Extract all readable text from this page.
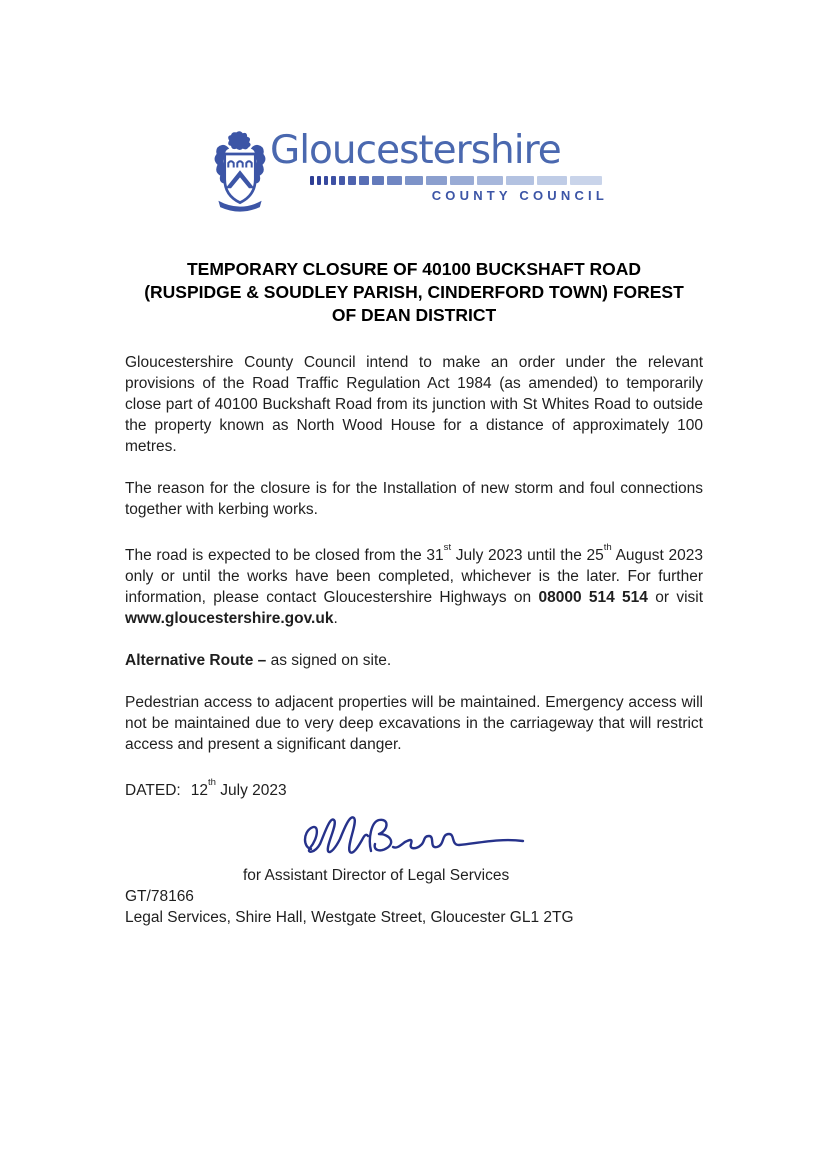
Gloucestershire
COUNTY COUNCIL
TEMPORARY CLOSURE OF 40100 BUCKSHAFT ROAD
(RUSPIDGE & SOUDLEY PARISH, CINDERFORD TOWN) FOREST
OF DEAN DISTRICT

Gloucestershire County Council intend to make an order under the relevant provisions of the Road Traffic Regulation Act 1984 (as amended) to temporarily close part of 40100 Buckshaft Road from its junction with St Whites Road to outside the property known as North Wood House for a distance of approximately 100 metres.

The reason for the closure is for the Installation of new storm and foul connections together with kerbing works.

The road is expected to be closed from the 31st July 2023 until the 25th August 2023 only or until the works have been completed, whichever is the later. For further information, please contact Gloucestershire Highways on 08000 514 514 or visit www.gloucestershire.gov.uk.

Alternative Route – as signed on site.

Pedestrian access to adjacent properties will be maintained. Emergency access will not be maintained due to very deep excavations in the carriageway that will restrict access and present a significant danger.

DATED: 12th July 2023
for Assistant Director of Legal Services
GT/78166
Legal Services, Shire Hall, Westgate Street, Gloucester GL1 2TG
